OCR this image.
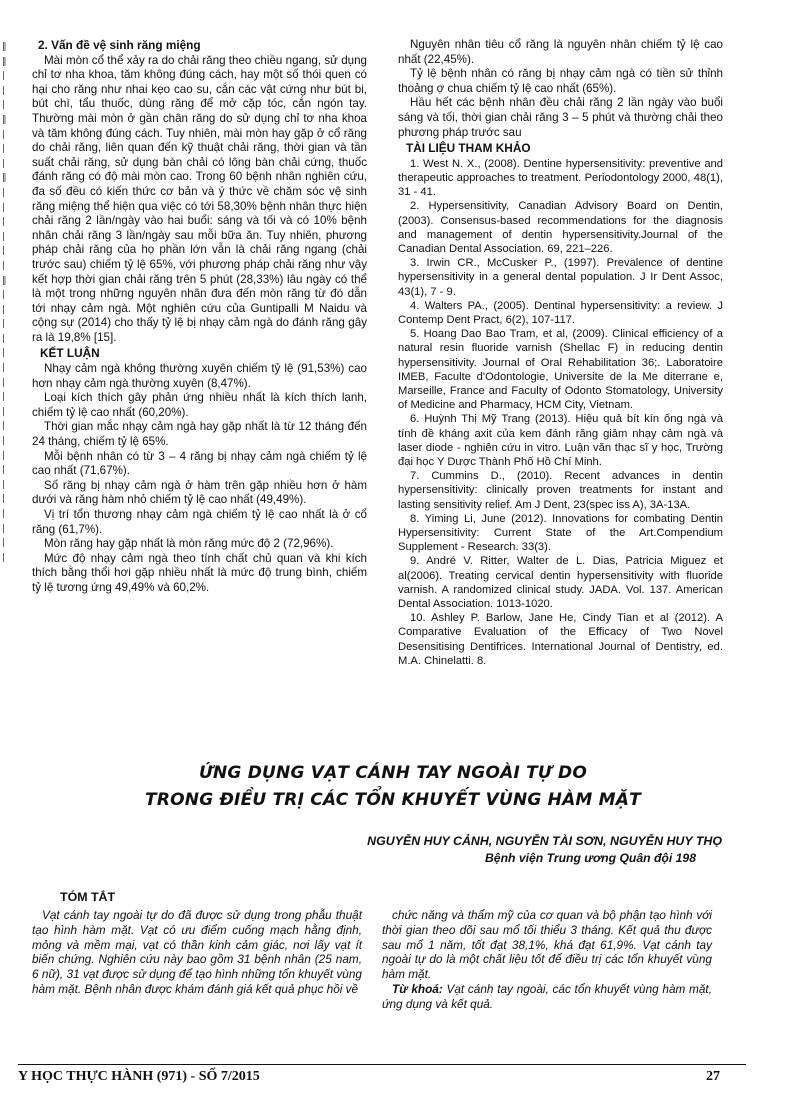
‖
‖
|
|
|
‖
|
|
|
‖
|
|
|
|
|
|
‖
|
|
|
|
|
|
|
|
|
|
|
|
|
|
|
|
|
|
|
2. Vấn đề vệ sinh răng miệng

Mài mòn cổ thể xảy ra do chải răng theo chiều ngang, sử dụng chỉ tơ nha khoa, tăm không đúng cách, hay một số thói quen có hại cho răng như nhai kẹo cao su, cắn các vật cứng như bút bi, bút chì, tẩu thuốc, dùng răng để mở cặp tóc, cắn ngón tay. Thường mài mòn ở gần chân răng do sử dụng chỉ tơ nha khoa và tăm không đúng cách. Tuy nhiên, mài mòn hay gặp ở cổ răng do chải răng, liên quan đến kỹ thuật chải răng, thời gian và tần suất chải răng, sử dụng bàn chải có lông bàn chải cứng, thuốc đánh răng có độ mài mòn cao. Trong 60 bệnh nhân nghiên cứu, đa số đều có kiến thức cơ bản và ý thức về chăm sóc vệ sinh răng miệng thể hiện qua việc có tới 58,30% bệnh nhân thực hiện chải răng 2 lần/ngày vào hai buổi: sáng và tối và có 10% bệnh nhân chải răng 3 lần/ngày sau mỗi bữa ăn. Tuy nhiên, phương pháp chải răng của họ phần lớn vẫn là chải răng ngang (chải trước sau) chiếm tỷ lệ 65%, với phương pháp chải răng như vậy kết hợp thời gian chải răng trên 5 phút (28,33%) lâu ngày có thể là một trong những nguyên nhân đưa đến mòn răng từ đó dẫn tới nhạy cảm ngà. Một nghiên cứu của Guntipalli M Naidu và cộng sự (2014) cho thấy tỷ lệ bị nhạy cảm ngà do đánh răng gây ra là 19,8% [15].

KẾT LUẬN

Nhạy cảm ngà không thường xuyên chiếm tỷ lệ (91,53%) cao hơn nhạy cảm ngà thường xuyên (8,47%).

Loại kích thích gây phản ứng nhiều nhất là kích thích lạnh, chiếm tỷ lệ cao nhất (60,20%).

Thời gian mắc nhạy cảm ngà hay gặp nhất là từ 12 tháng đến 24 tháng, chiếm tỷ lệ 65%.

Mỗi bệnh nhân có từ 3 – 4 răng bị nhạy cảm ngà chiếm tỷ lệ cao nhất (71,67%).

Số răng bị nhạy cảm ngà ở hàm trên gặp nhiều hơn ở hàm dưới và răng hàm nhỏ chiếm tỷ lệ cao nhất (49,49%).

Vị trí tổn thương nhạy cảm ngà chiếm tỷ lệ cao nhất là ở cổ răng (61,7%).

Mòn răng hay gặp nhất là mòn răng mức độ 2 (72,96%).

Mức độ nhạy cảm ngà theo tính chất chủ quan và khi kích thích bằng thổi hơi gặp nhiều nhất là mức độ trung bình, chiếm tỷ lệ tương ứng 49,49% và 60,2%.

Nguyên nhân tiêu cổ răng là nguyên nhân chiếm tỷ lệ cao nhất (22,45%).

Tỷ lệ bệnh nhân có răng bị nhạy cảm ngà có tiền sử thỉnh thoảng ợ chua chiếm tỷ lệ cao nhất (65%).

Hầu hết các bệnh nhân đều chải răng 2 lần ngày vào buổi sáng và tối, thời gian chải răng 3 – 5 phút và thường chải theo phương pháp trước sau

TÀI LIỆU THAM KHẢO

1. West N. X., (2008). Dentine hypersensitivity: preventive and therapeutic approaches to treatment. Periodontology 2000, 48(1), 31 - 41.

2. Hypersensitivity, Canadian Advisory Board on Dentin, (2003). Consensus-based recommendations for the diagnosis and management of dentin hypersensitivity.Journal of the Canadian Dental Association. 69, 221–226.

3. Irwin CR., McCusker P., (1997). Prevalence of dentine hypersensitivity in a general dental population. J Ir Dent Assoc, 43(1), 7 - 9.

4. Walters PA., (2005). Dentinal hypersensitivity: a review. J Contemp Dent Pract, 6(2), 107-117.

5. Hoang Dao Bao Tram, et al, (2009). Clinical efficiency of a natural resin fluoride varnish (Shellac F) in reducing dentin hypersensitivity. Journal of Oral Rehabilitation 36;. Laboratoire IMEB, Faculte d'Odontologie, Universite de la Me diterrane e, Marseille, France and Faculty of Odonto Stomatology, University of Medicine and Pharmacy, HCM City, Vietnam.

6. Huỳnh Thị Mỹ Trang (2013). Hiệu quả bít kín ống ngà và tính đề kháng axit của kem đánh răng giảm nhạy cảm ngà và laser diode - nghiên cứu in vitro. Luận văn thạc sĩ y học, Trường đại học Y Dược Thành Phố Hồ Chí Minh.

7. Cummins D., (2010). Recent advances in dentin hypersensitivity: clinically proven treatments for instant and lasting sensitivity relief. Am J Dent, 23(spec iss A), 3A-13A.

8. Yiming Li, June (2012). Innovations for combating Dentin Hypersensitivity: Current State of the Art.Compendium Supplement - Research. 33(3).

9. André V. Ritter, Walter de L. Dias, Patricia Miguez et al(2006). Treating cervical dentin hypersensitivity with fluoride varnish. A randomized clinical study. JADA. Vol. 137. American Dental Association. 1013-1020.

10. Ashley P. Barlow, Jane He, Cindy Tian et al (2012). A Comparative Evaluation of the Efficacy of Two Novel Desensitising Dentifrices. International Journal of Dentistry, ed. M.A. Chinelatti. 8.

ỨNG DỤNG VẠT CÁNH TAY NGOÀI TỰ DO
TRONG ĐIỀU TRỊ CÁC TỔN KHUYẾT VÙNG HÀM MẶT
NGUYỄN HUY CẢNH, NGUYỄN TÀI SƠN, NGUYỄN HUY THỌ
Bệnh viện Trung ương Quân đội 198
TÓM TẮT

Vạt cánh tay ngoài tự do đã được sử dụng trong phẫu thuật tạo hình hàm mặt. Vạt có ưu điểm cuống mạch hằng định, mỏng và mềm mại, vạt có thần kinh cảm giác, nơi lấy vạt ít biến chứng. Nghiên cứu này bao gồm 31 bệnh nhân (25 nam, 6 nữ), 31 vạt được sử dụng để tạo hình những tổn khuyết vùng hàm mặt. Bệnh nhân được khám đánh giá kết quả phục hồi về

chức năng và thẩm mỹ của cơ quan và bộ phận tạo hình với thời gian theo dõi sau mổ tối thiểu 3 tháng. Kết quả thu được sau mổ 1 năm, tốt đạt 38,1%, khá đạt 61,9%. Vạt cánh tay ngoài tự do là một chất liệu tốt để điều trị các tổn khuyết vùng hàm mặt.

Từ khoá: Vạt cánh tay ngoài, các tổn khuyết vùng hàm mặt, ứng dụng và kết quả.

Y HỌC THỰC HÀNH (971) - SỐ 7/2015	27
